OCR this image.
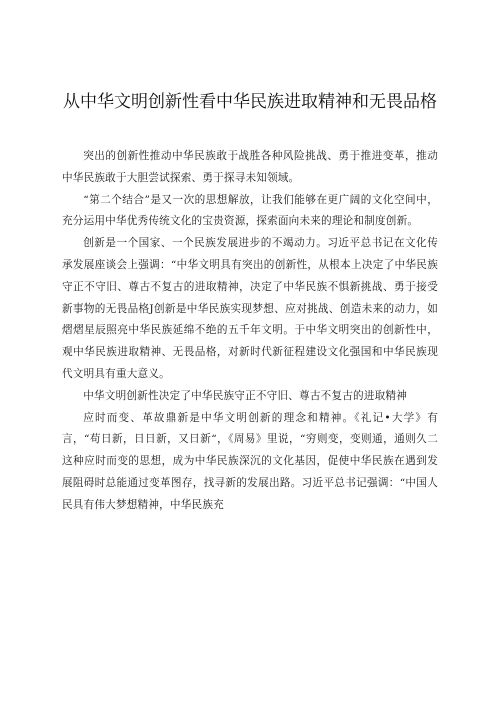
从中华文明创新性看中华民族进取精神和无畏品格

突出的创新性推动中华民族敢于战胜各种风险挑战、勇于推进变革，推动中华民族敢于大胆尝试探索、勇于探寻未知领域。

“第二个结合”是又一次的思想解放，让我们能够在更广阔的文化空间中，充分运用中华优秀传统文化的宝贵资源，探索面向未来的理论和制度创新。

创新是一个国家、一个民族发展进步的不竭动力。习近平总书记在文化传承发展座谈会上强调：“中华文明具有突出的创新性，从根本上决定了中华民族守正不守旧、尊古不复古的进取精神，决定了中华民族不惧新挑战、勇于接受新事物的无畏品格J创新是中华民族实现梦想、应对挑战、创造未来的动力，如熠熠星辰照亮中华民族延绵不绝的五千年文明。于中华文明突出的创新性中，观中华民族进取精神、无畏品格，对新时代新征程建设文化强国和中华民族现代文明具有重大意义。

中华文明创新性决定了中华民族守正不守旧、尊古不复古的进取精神

应时而变、革故鼎新是中华文明创新的理念和精神。《礼记•大学》有言，“苟日新，日日新，又日新“，《周易》里说，“穷则变，变则通，通则久二这种应时而变的思想，成为中华民族深沉的文化基因，促使中华民族在遇到发展阻碍时总能通过变革图存，找寻新的发展出路。习近平总书记强调：“中国人民具有伟大梦想精神，中华民族充
